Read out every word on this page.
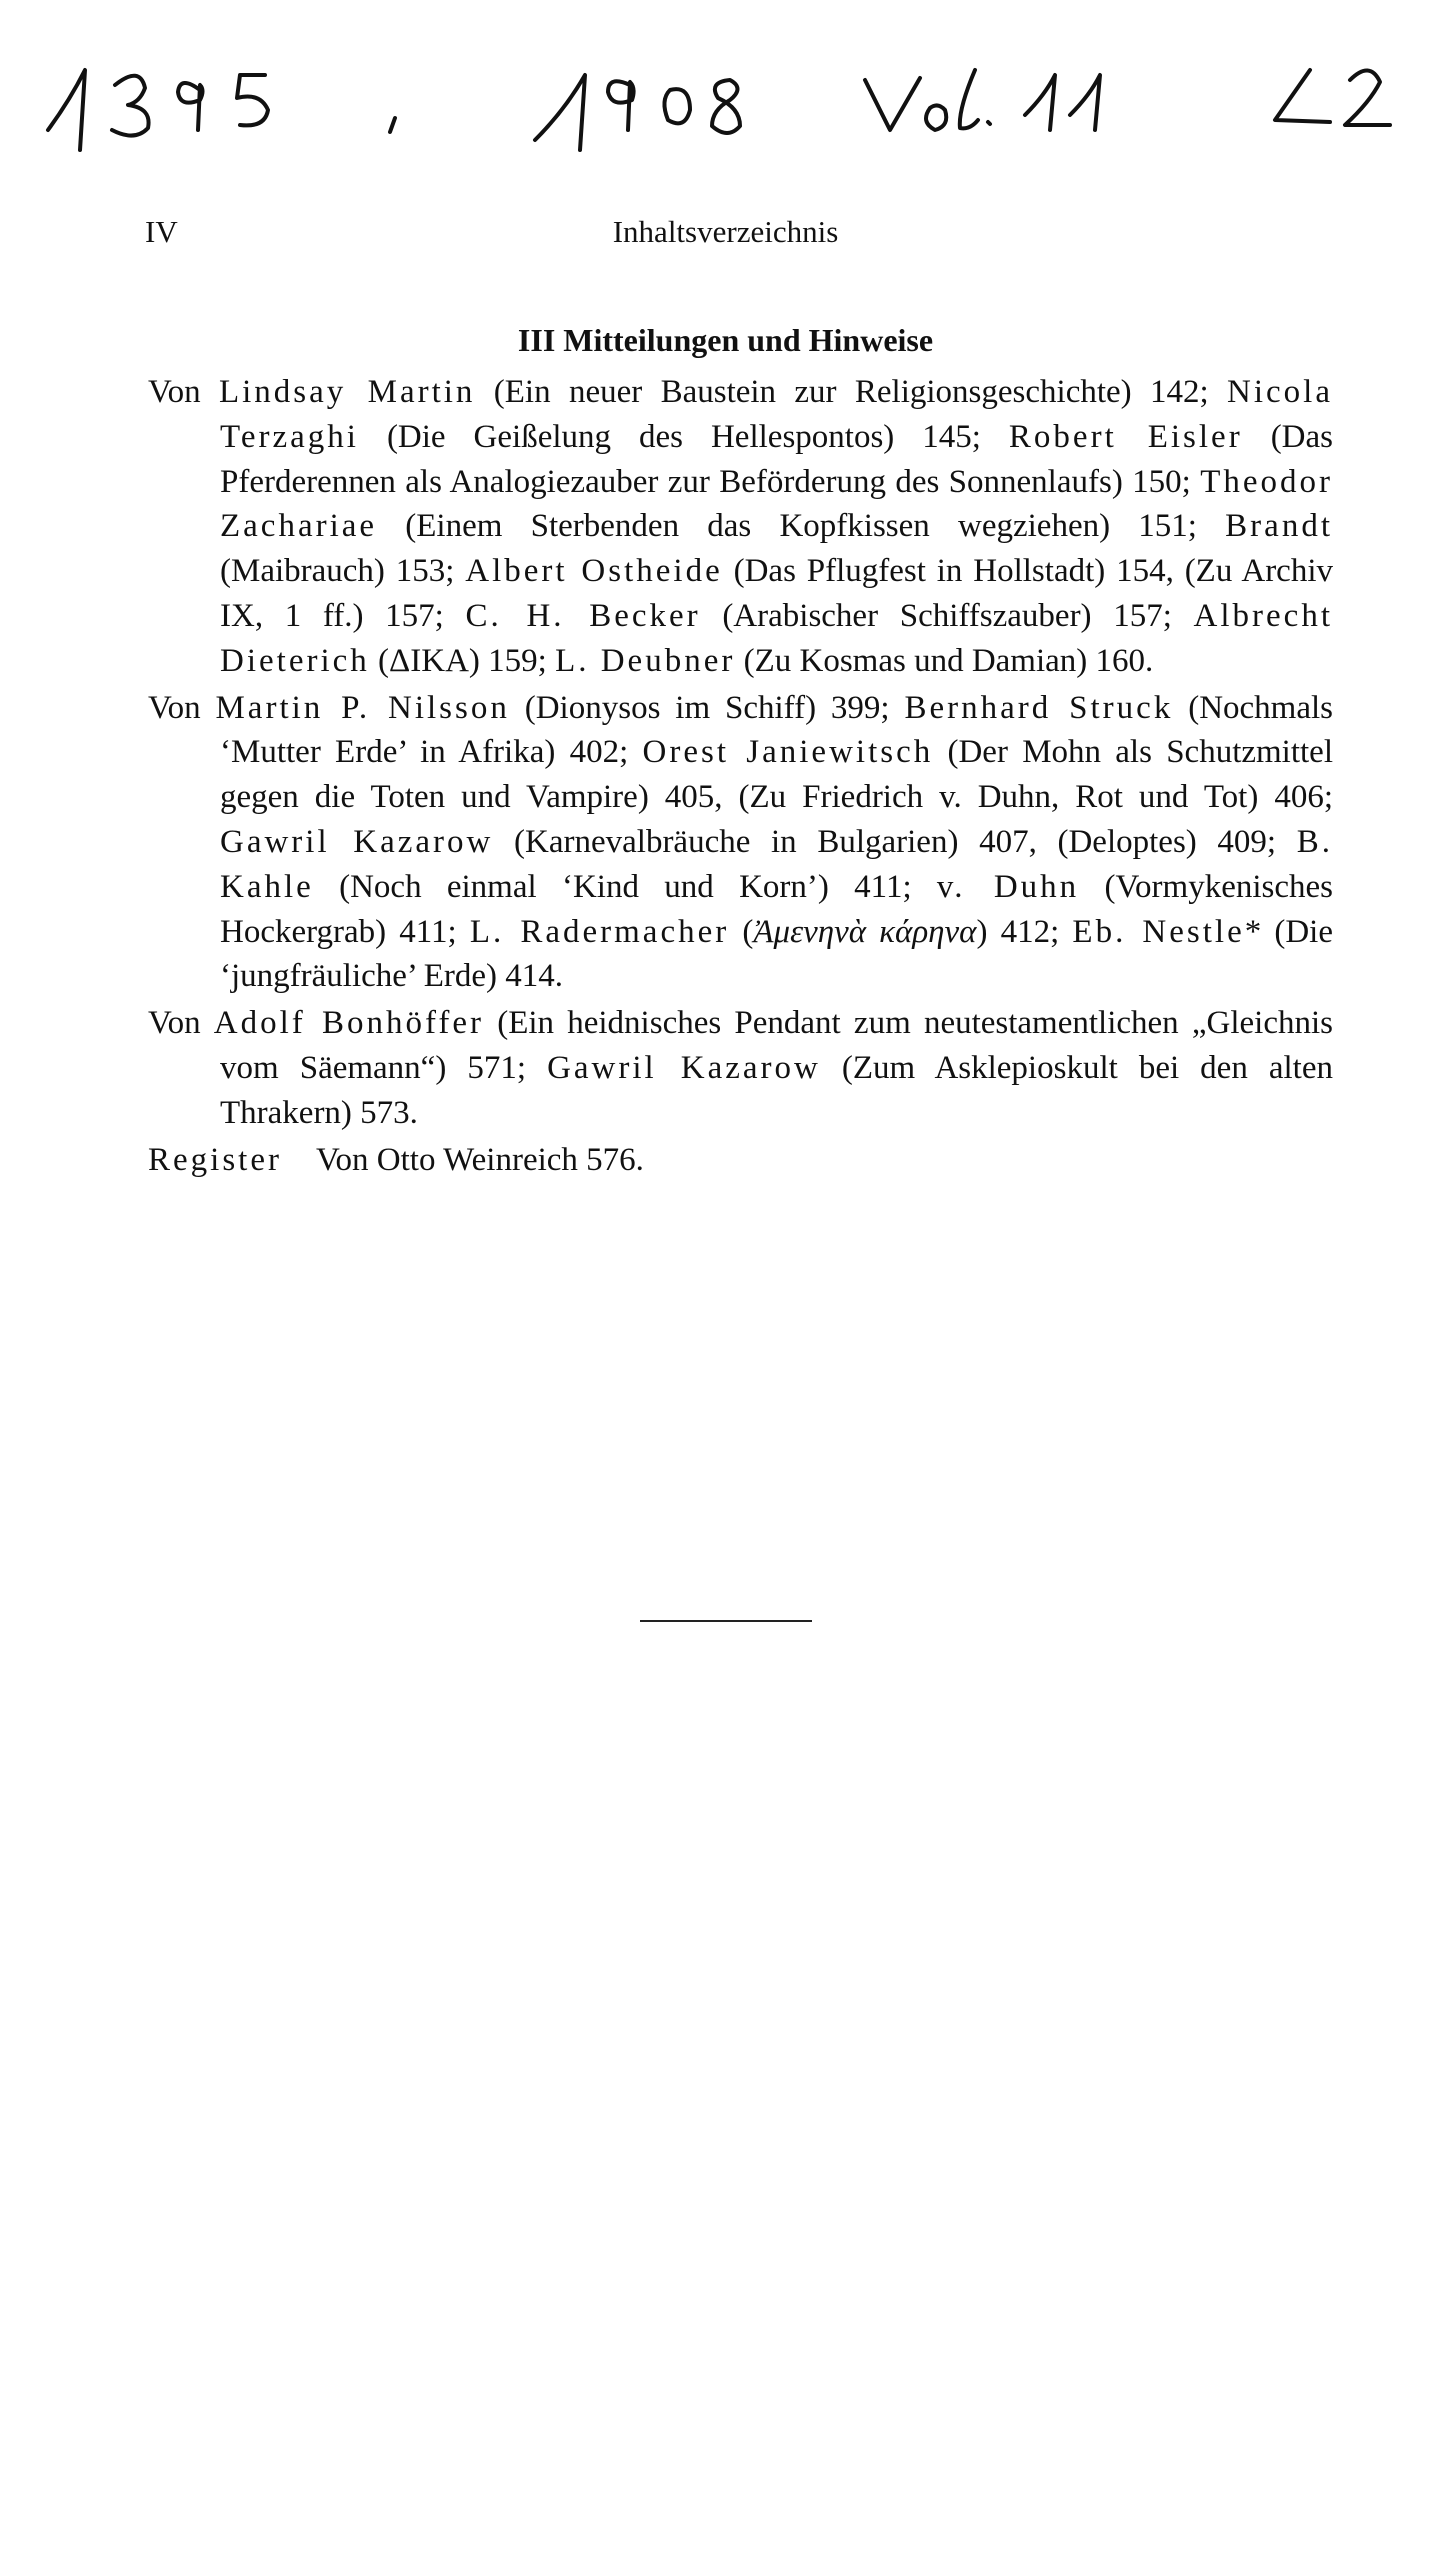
IV	Inhaltsverzeichnis
III Mitteilungen und Hinweise
Von Lindsay Martin (Ein neuer Baustein zur Religionsgeschichte) 142; Nicola Terzaghi (Die Geißelung des Hellespontos) 145; Robert Eisler (Das Pferderennen als Analogiezauber zur Beförderung des Sonnenlaufs) 150; Theodor Zachariae (Einem Sterbenden das Kopfkissen wegziehen) 151; Brandt (Maibrauch) 153; Albert Ostheide (Das Pflugfest in Hollstadt) 154, (Zu Archiv IX, 1 ff.) 157; C. H. Becker (Arabischer Schiffszauber) 157; Albrecht Dieterich (ΔΙΚΑ) 159; L. Deubner (Zu Kosmas und Damian) 160.
Von Martin P. Nilsson (Dionysos im Schiff) 399; Bernhard Struck (Nochmals ‘Mutter Erde’ in Afrika) 402; Orest Janiewitsch (Der Mohn als Schutzmittel gegen die Toten und Vampire) 405, (Zu Friedrich v. Duhn, Rot und Tot) 406; Gawril Kazarow (Karnevalbräuche in Bulgarien) 407, (Deloptes) 409; B. Kahle (Noch einmal ‘Kind und Korn’) 411; v. Duhn (Vormykenisches Hockergrab) 411; L. Radermacher (Ἀμενηνὰ κάρηνα) 412; Eb. Nestle* (Die ‘jungfräuliche’ Erde) 414.
Von Adolf Bonhöffer (Ein heidnisches Pendant zum neutestamentlichen „Gleichnis vom Säemann“) 571; Gawril Kazarow (Zum Asklepioskult bei den alten Thrakern) 573.
Register Von Otto Weinreich 576.
